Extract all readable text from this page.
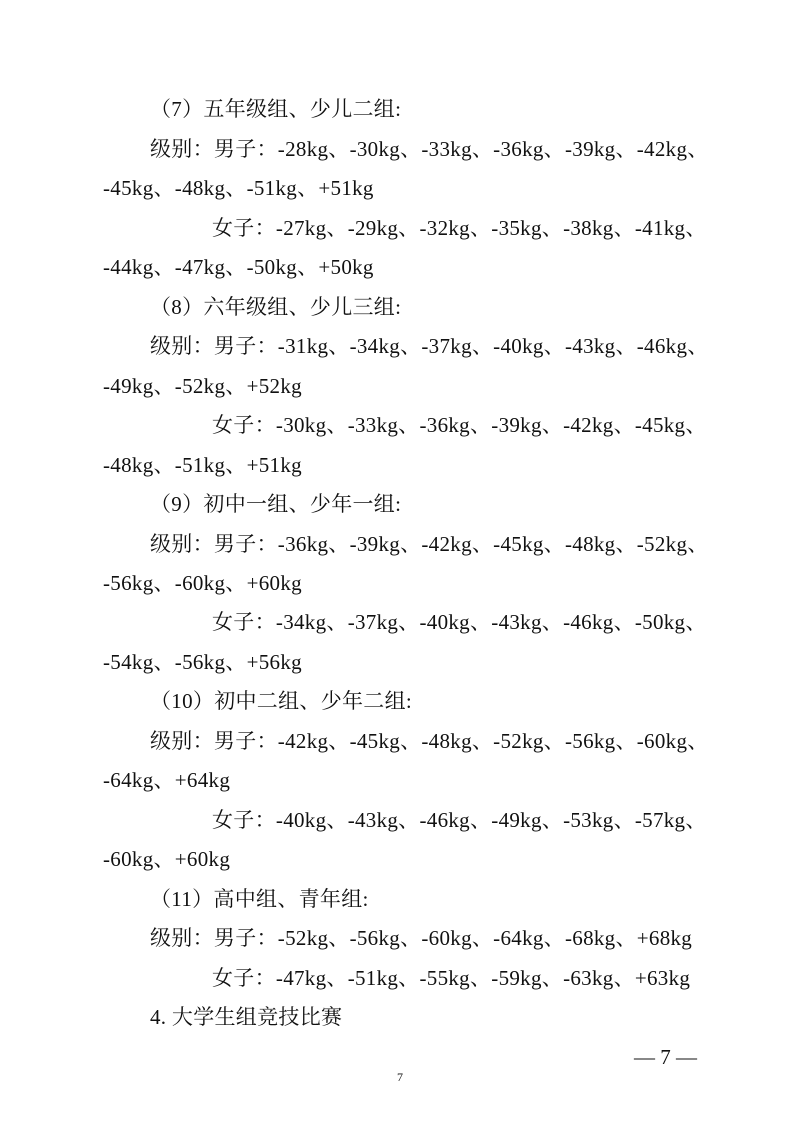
（7）五年级组、少儿二组:
级别：男子：-28kg、-30kg、-33kg、-36kg、-39kg、-42kg、
-45kg、-48kg、-51kg、+51kg
女子：-27kg、-29kg、-32kg、-35kg、-38kg、-41kg、
-44kg、-47kg、-50kg、+50kg
（8）六年级组、少儿三组:
级别：男子：-31kg、-34kg、-37kg、-40kg、-43kg、-46kg、
-49kg、-52kg、+52kg
女子：-30kg、-33kg、-36kg、-39kg、-42kg、-45kg、
-48kg、-51kg、+51kg
（9）初中一组、少年一组:
级别：男子：-36kg、-39kg、-42kg、-45kg、-48kg、-52kg、
-56kg、-60kg、+60kg
女子：-34kg、-37kg、-40kg、-43kg、-46kg、-50kg、
-54kg、-56kg、+56kg
（10）初中二组、少年二组:
级别：男子：-42kg、-45kg、-48kg、-52kg、-56kg、-60kg、
-64kg、+64kg
女子：-40kg、-43kg、-46kg、-49kg、-53kg、-57kg、
-60kg、+60kg
（11）高中组、青年组:
级别：男子：-52kg、-56kg、-60kg、-64kg、-68kg、+68kg
女子：-47kg、-51kg、-55kg、-59kg、-63kg、+63kg
4. 大学生组竞技比赛
— 7 —
7
